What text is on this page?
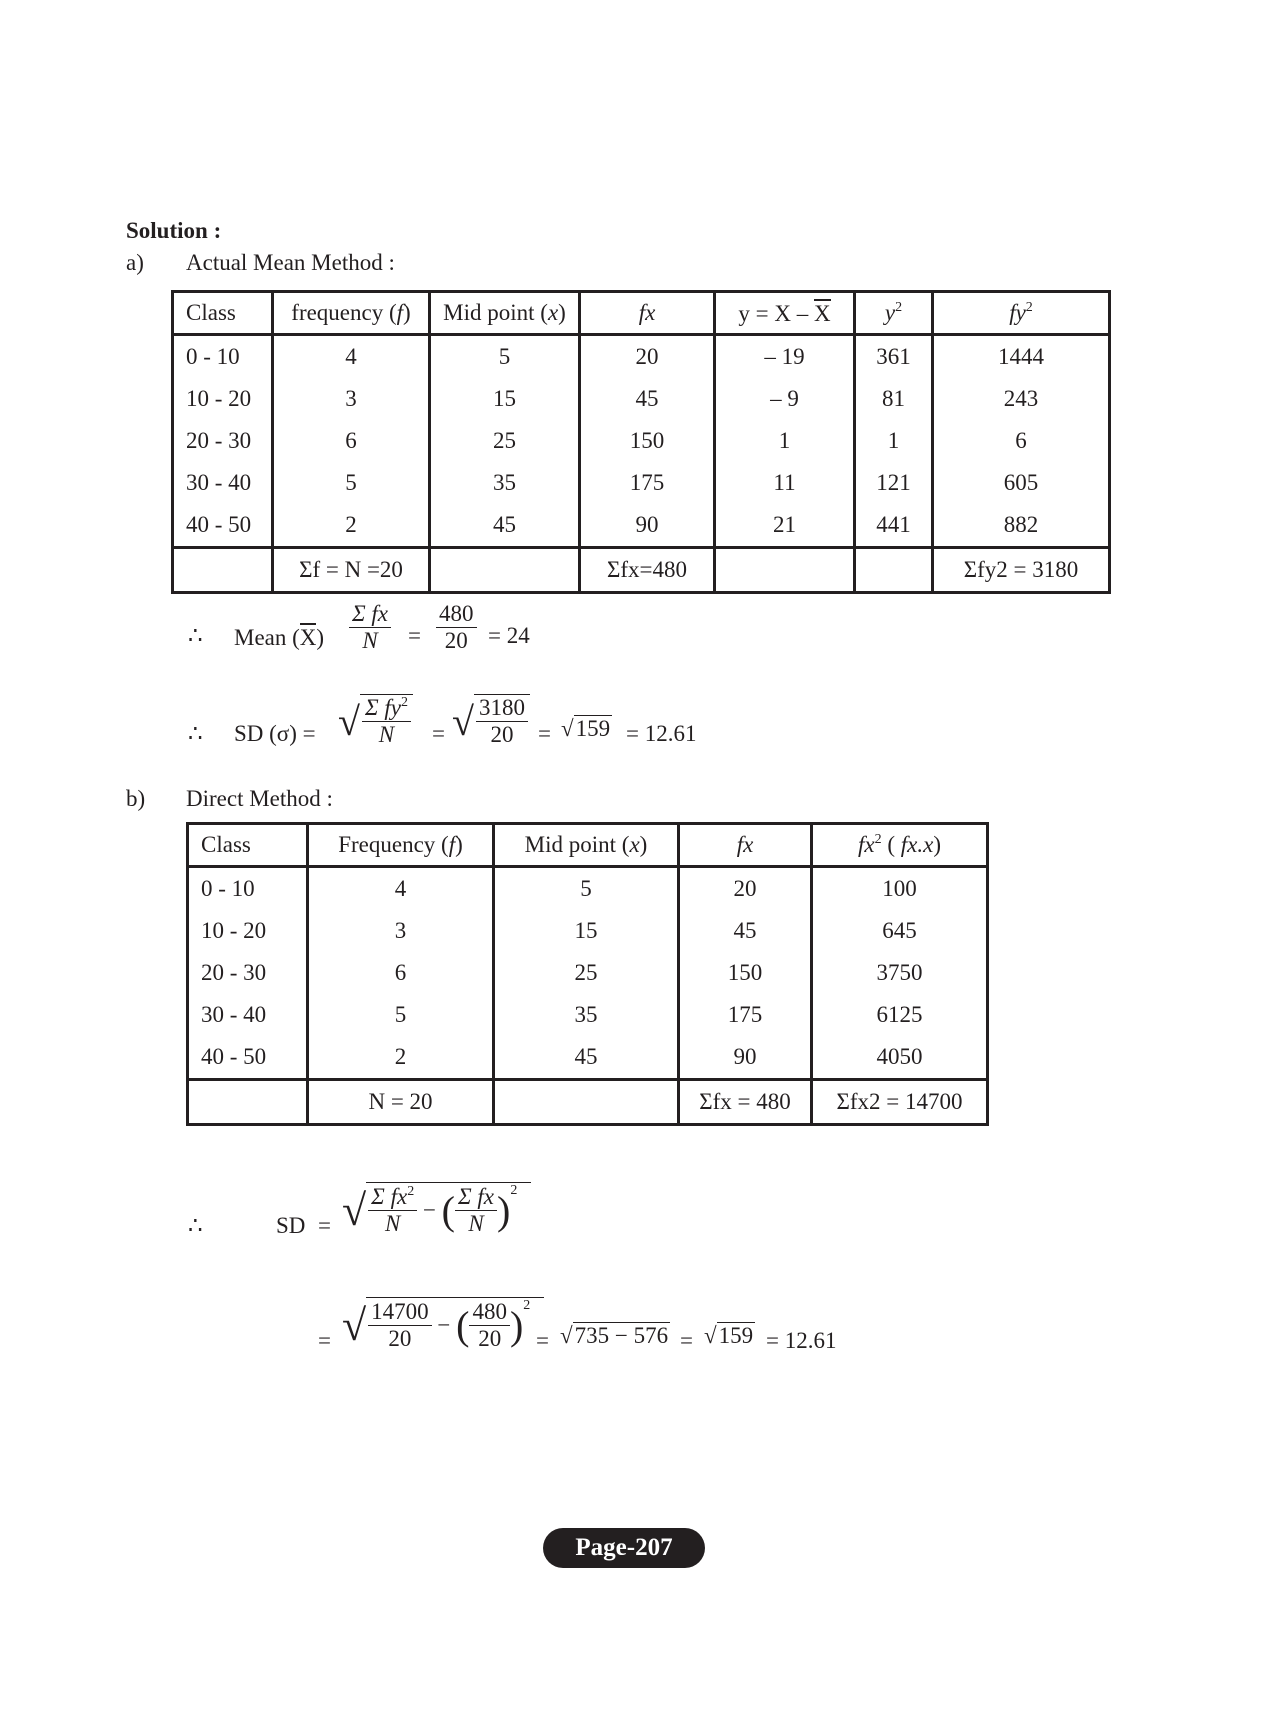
Solution :
a) Actual Mean Method :
Class	frequency (f)	Mid point (x)	fx	y = X – X	$y^2$	$fy^2$
0 - 10	4	5	20	– 19	361	1444
10 - 20	3	15	45	– 9	81	243
20 - 30	6	25	150	1	1	6
30 - 40	5	35	175	11	121	605
40 - 50	2	45	90	21	441	882
	Σf = N =20		Σfx=480			Σfy2 = 3180
∴ Mean $(X) \frac{\text{Σ fx}}{N} = \frac{480}{20} = 24$
∴ SD (σ) = √ $\frac{\Sigma fy^2}{N}$ = √ $\frac{3180}{20} = √159 = 12.61$
b) Direct Method :
Class	Frequency (f)	Mid point (x)	fx	$fx^2$ ( fx.x)
0 - 10	4	5	20	100
10 - 20	3	15	45	645
20 - 30	6	25	150	3750
30 - 40	5	35	175	6125
40 - 50	2	45	90	4050
	N = 20		Σfx = 480	Σfx2 = 14700
∴	SD = √ $\frac{\Sigma fx^2}{N}$ − ( $\frac{\text{Σ fx}}{N} )^2$
= √ $\frac{14700}{20}$ − ( $\frac{480}{20} )^2$
= √735 − 576 = √159 = 12.61
Page-207
